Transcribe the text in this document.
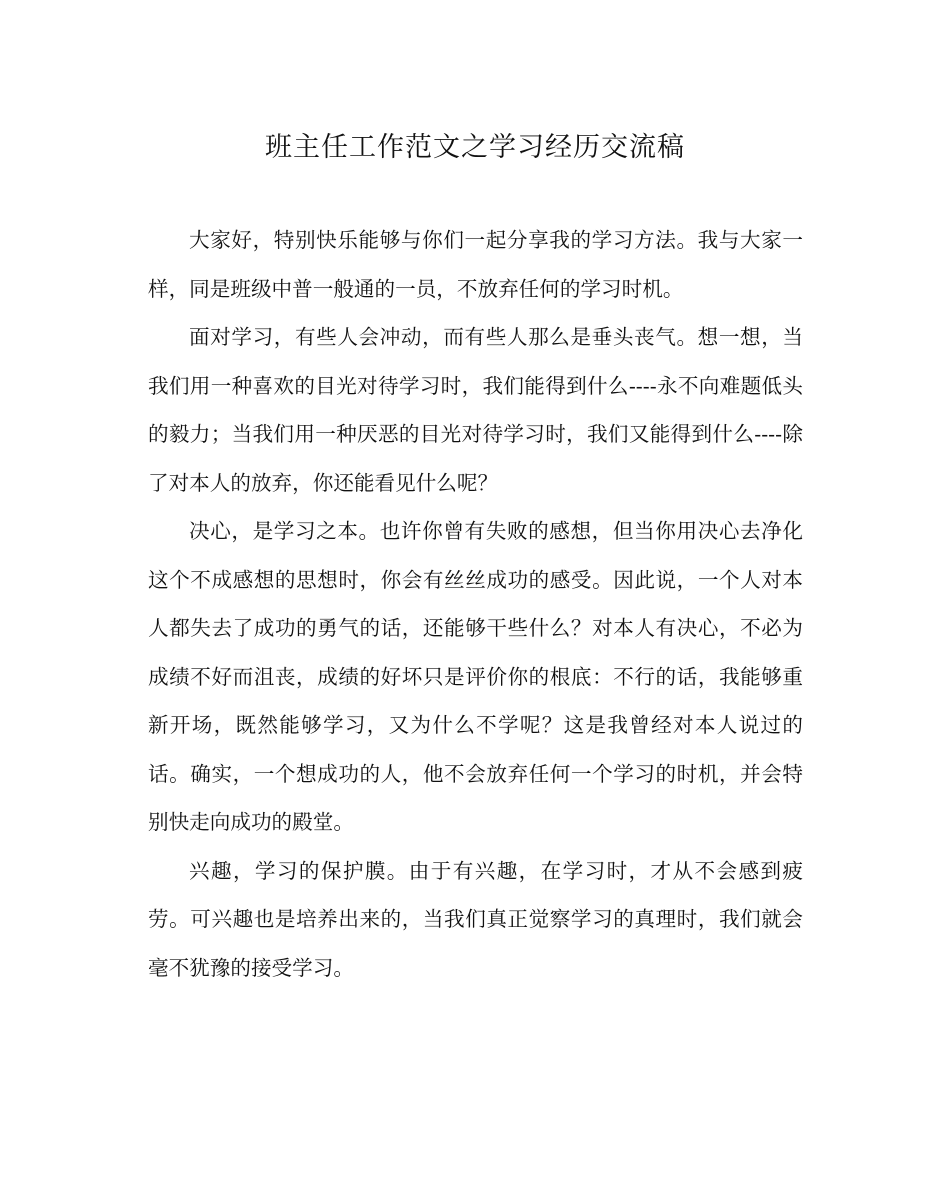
班主任工作范文之学习经历交流稿

大家好，特别快乐能够与你们一起分享我的学习方法。我与大家一样，同是班级中普一般通的一员，不放弃任何的学习时机。

面对学习，有些人会冲动，而有些人那么是垂头丧气。想一想，当我们用一种喜欢的目光对待学习时，我们能得到什么----永不向难题低头的毅力；当我们用一种厌恶的目光对待学习时，我们又能得到什么----除了对本人的放弃，你还能看见什么呢？

决心，是学习之本。也许你曾有失败的感想，但当你用决心去净化这个不成感想的思想时，你会有丝丝成功的感受。因此说，一个人对本人都失去了成功的勇气的话，还能够干些什么？对本人有决心，不必为成绩不好而沮丧，成绩的好坏只是评价你的根底：不行的话，我能够重新开场，既然能够学习，又为什么不学呢？这是我曾经对本人说过的话。确实，一个想成功的人，他不会放弃任何一个学习的时机，并会特别快走向成功的殿堂。

兴趣，学习的保护膜。由于有兴趣，在学习时，才从不会感到疲劳。可兴趣也是培养出来的，当我们真正觉察学习的真理时，我们就会毫不犹豫的接受学习。
